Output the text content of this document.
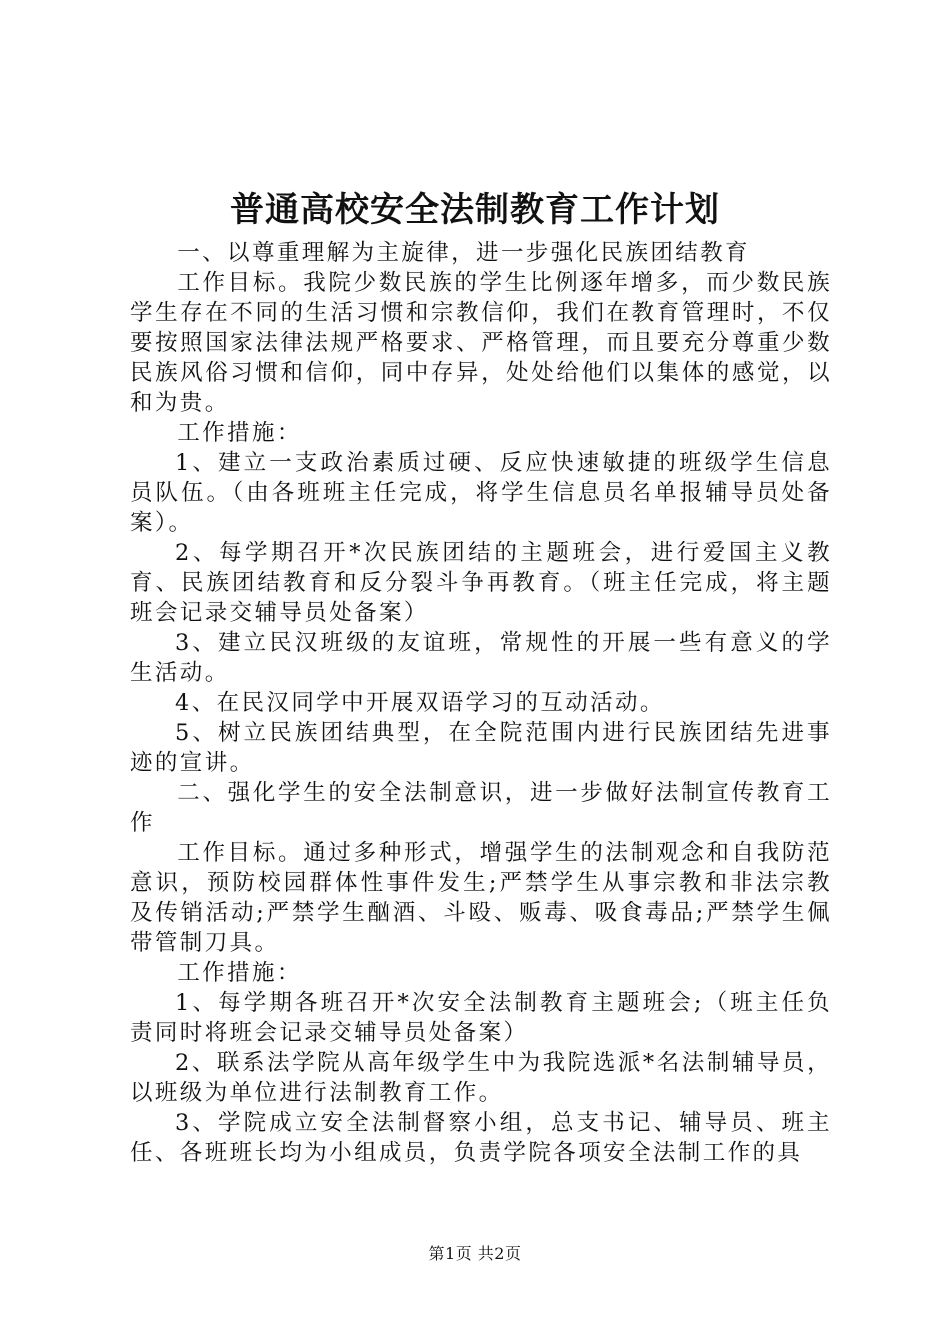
普通高校安全法制教育工作计划

一、以尊重理解为主旋律，进一步强化民族团结教育

工作目标。我院少数民族的学生比例逐年增多，而少数民族学生存在不同的生活习惯和宗教信仰，我们在教育管理时，不仅要按照国家法律法规严格要求、严格管理，而且要充分尊重少数民族风俗习惯和信仰，同中存异，处处给他们以集体的感觉，以和为贵。

工作措施：

1、建立一支政治素质过硬、反应快速敏捷的班级学生信息员队伍。（由各班班主任完成，将学生信息员名单报辅导员处备案）。

2、每学期召开*次民族团结的主题班会，进行爱国主义教育、民族团结教育和反分裂斗争再教育。（班主任完成，将主题班会记录交辅导员处备案）

3、建立民汉班级的友谊班，常规性的开展一些有意义的学生活动。

4、在民汉同学中开展双语学习的互动活动。

5、树立民族团结典型，在全院范围内进行民族团结先进事迹的宣讲。

二、强化学生的安全法制意识，进一步做好法制宣传教育工作

工作目标。通过多种形式，增强学生的法制观念和自我防范意识，预防校园群体性事件发生;严禁学生从事宗教和非法宗教及传销活动;严禁学生酗酒、斗殴、贩毒、吸食毒品;严禁学生佩带管制刀具。

工作措施：

1、每学期各班召开*次安全法制教育主题班会;（班主任负责同时将班会记录交辅导员处备案）

2、联系法学院从高年级学生中为我院选派*名法制辅导员，以班级为单位进行法制教育工作。

3、学院成立安全法制督察小组，总支书记、辅导员、班主任、各班班长均为小组成员，负责学院各项安全法制工作的具

第1页 共2页
